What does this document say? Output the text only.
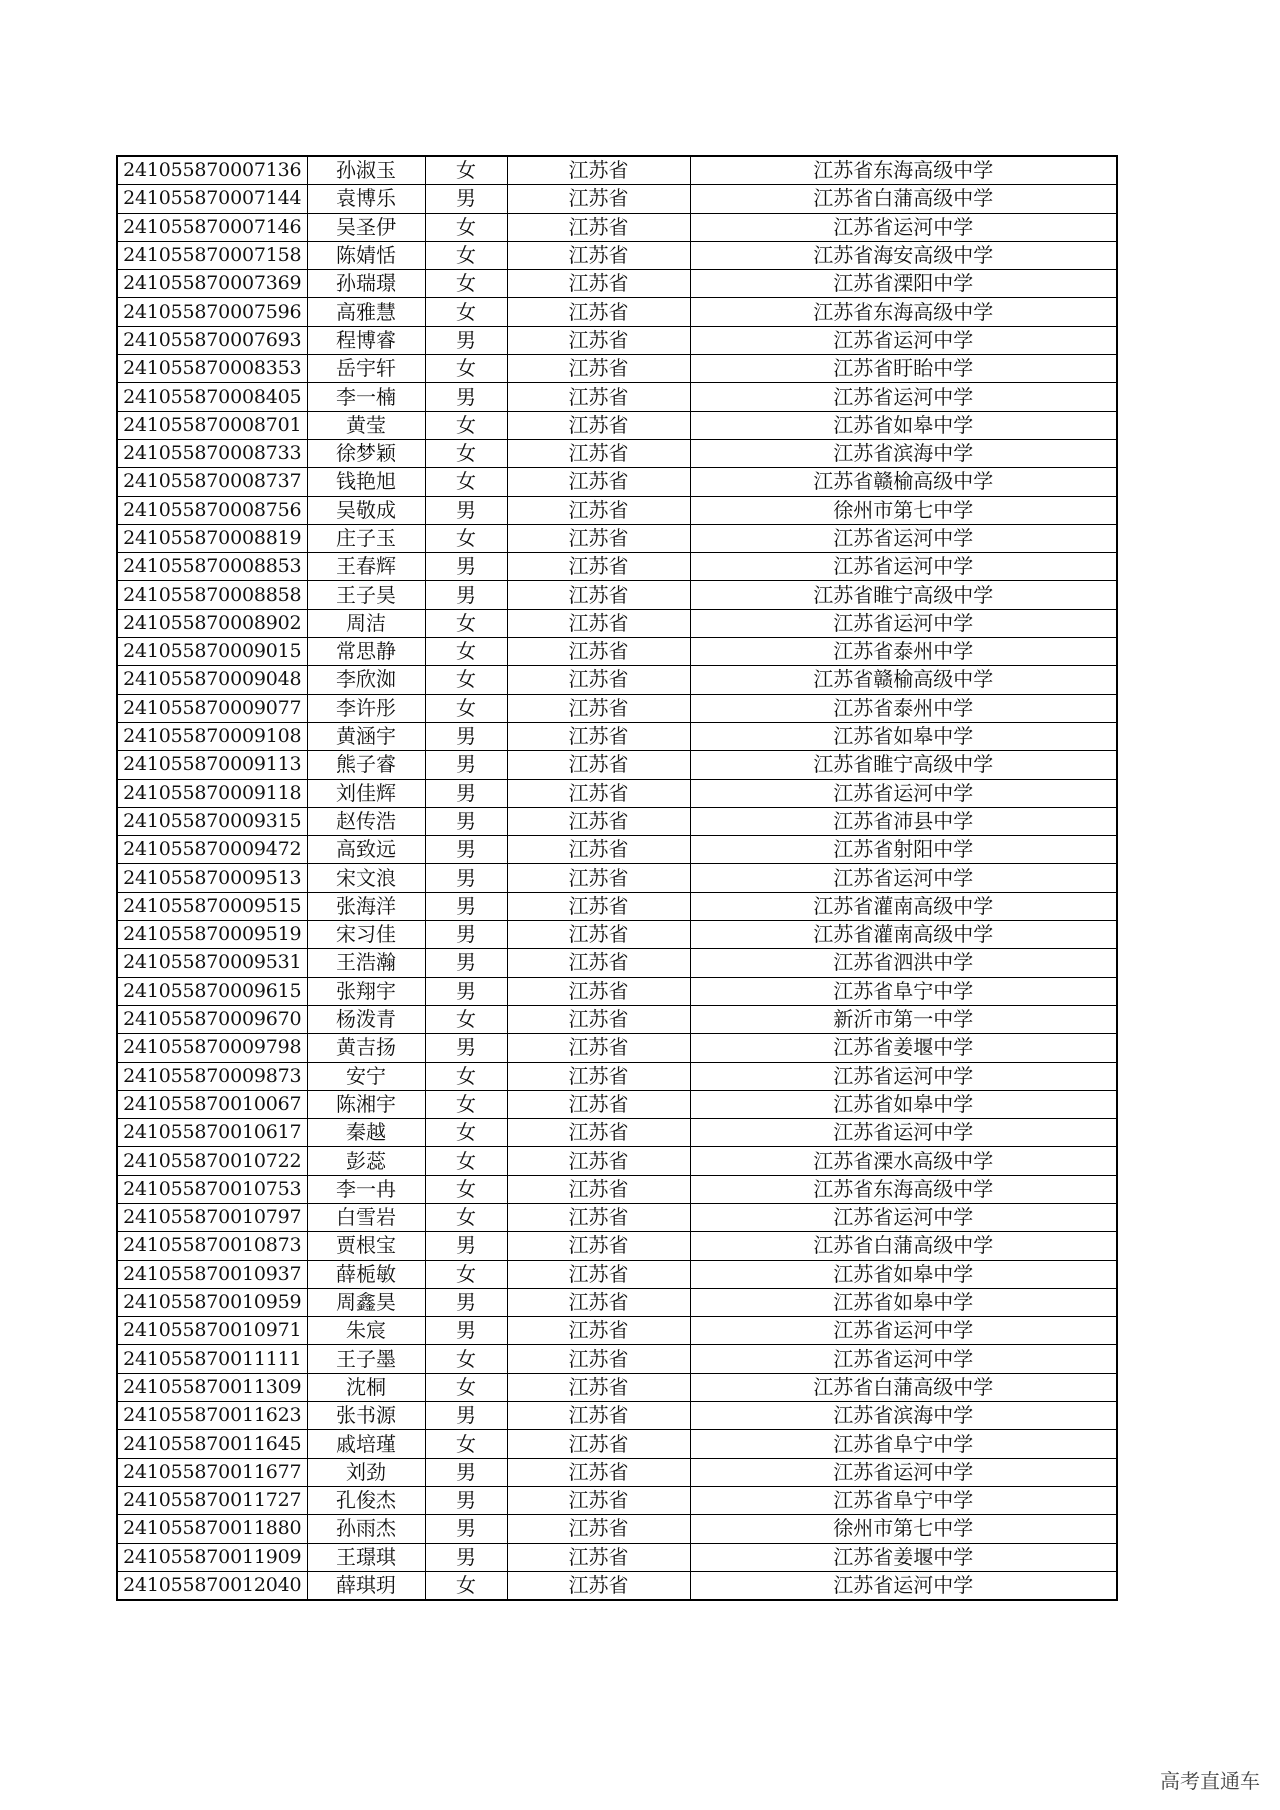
241055870007136	孙淑玉	女	江苏省	江苏省东海高级中学
241055870007144	袁博乐	男	江苏省	江苏省白蒲高级中学
241055870007146	吴圣伊	女	江苏省	江苏省运河中学
241055870007158	陈婧恬	女	江苏省	江苏省海安高级中学
241055870007369	孙瑞璟	女	江苏省	江苏省溧阳中学
241055870007596	高雅慧	女	江苏省	江苏省东海高级中学
241055870007693	程博睿	男	江苏省	江苏省运河中学
241055870008353	岳宇轩	女	江苏省	江苏省盱眙中学
241055870008405	李一楠	男	江苏省	江苏省运河中学
241055870008701	黄莹	女	江苏省	江苏省如皋中学
241055870008733	徐梦颖	女	江苏省	江苏省滨海中学
241055870008737	钱艳旭	女	江苏省	江苏省赣榆高级中学
241055870008756	吴敬成	男	江苏省	徐州市第七中学
241055870008819	庄子玉	女	江苏省	江苏省运河中学
241055870008853	王春辉	男	江苏省	江苏省运河中学
241055870008858	王子昊	男	江苏省	江苏省睢宁高级中学
241055870008902	周洁	女	江苏省	江苏省运河中学
241055870009015	常思静	女	江苏省	江苏省泰州中学
241055870009048	李欣洳	女	江苏省	江苏省赣榆高级中学
241055870009077	李许彤	女	江苏省	江苏省泰州中学
241055870009108	黄涵宇	男	江苏省	江苏省如皋中学
241055870009113	熊子睿	男	江苏省	江苏省睢宁高级中学
241055870009118	刘佳辉	男	江苏省	江苏省运河中学
241055870009315	赵传浩	男	江苏省	江苏省沛县中学
241055870009472	高致远	男	江苏省	江苏省射阳中学
241055870009513	宋文浪	男	江苏省	江苏省运河中学
241055870009515	张海洋	男	江苏省	江苏省灌南高级中学
241055870009519	宋习佳	男	江苏省	江苏省灌南高级中学
241055870009531	王浩瀚	男	江苏省	江苏省泗洪中学
241055870009615	张翔宇	男	江苏省	江苏省阜宁中学
241055870009670	杨泼青	女	江苏省	新沂市第一中学
241055870009798	黄吉扬	男	江苏省	江苏省姜堰中学
241055870009873	安宁	女	江苏省	江苏省运河中学
241055870010067	陈湘宇	女	江苏省	江苏省如皋中学
241055870010617	秦越	女	江苏省	江苏省运河中学
241055870010722	彭蕊	女	江苏省	江苏省溧水高级中学
241055870010753	李一冉	女	江苏省	江苏省东海高级中学
241055870010797	白雪岩	女	江苏省	江苏省运河中学
241055870010873	贾根宝	男	江苏省	江苏省白蒲高级中学
241055870010937	薛栀敏	女	江苏省	江苏省如皋中学
241055870010959	周鑫昊	男	江苏省	江苏省如皋中学
241055870010971	朱宸	男	江苏省	江苏省运河中学
241055870011111	王子墨	女	江苏省	江苏省运河中学
241055870011309	沈桐	女	江苏省	江苏省白蒲高级中学
241055870011623	张书源	男	江苏省	江苏省滨海中学
241055870011645	戚培瑾	女	江苏省	江苏省阜宁中学
241055870011677	刘劲	男	江苏省	江苏省运河中学
241055870011727	孔俊杰	男	江苏省	江苏省阜宁中学
241055870011880	孙雨杰	男	江苏省	徐州市第七中学
241055870011909	王璟琪	男	江苏省	江苏省姜堰中学
241055870012040	薛琪玥	女	江苏省	江苏省运河中学
高考直通车
